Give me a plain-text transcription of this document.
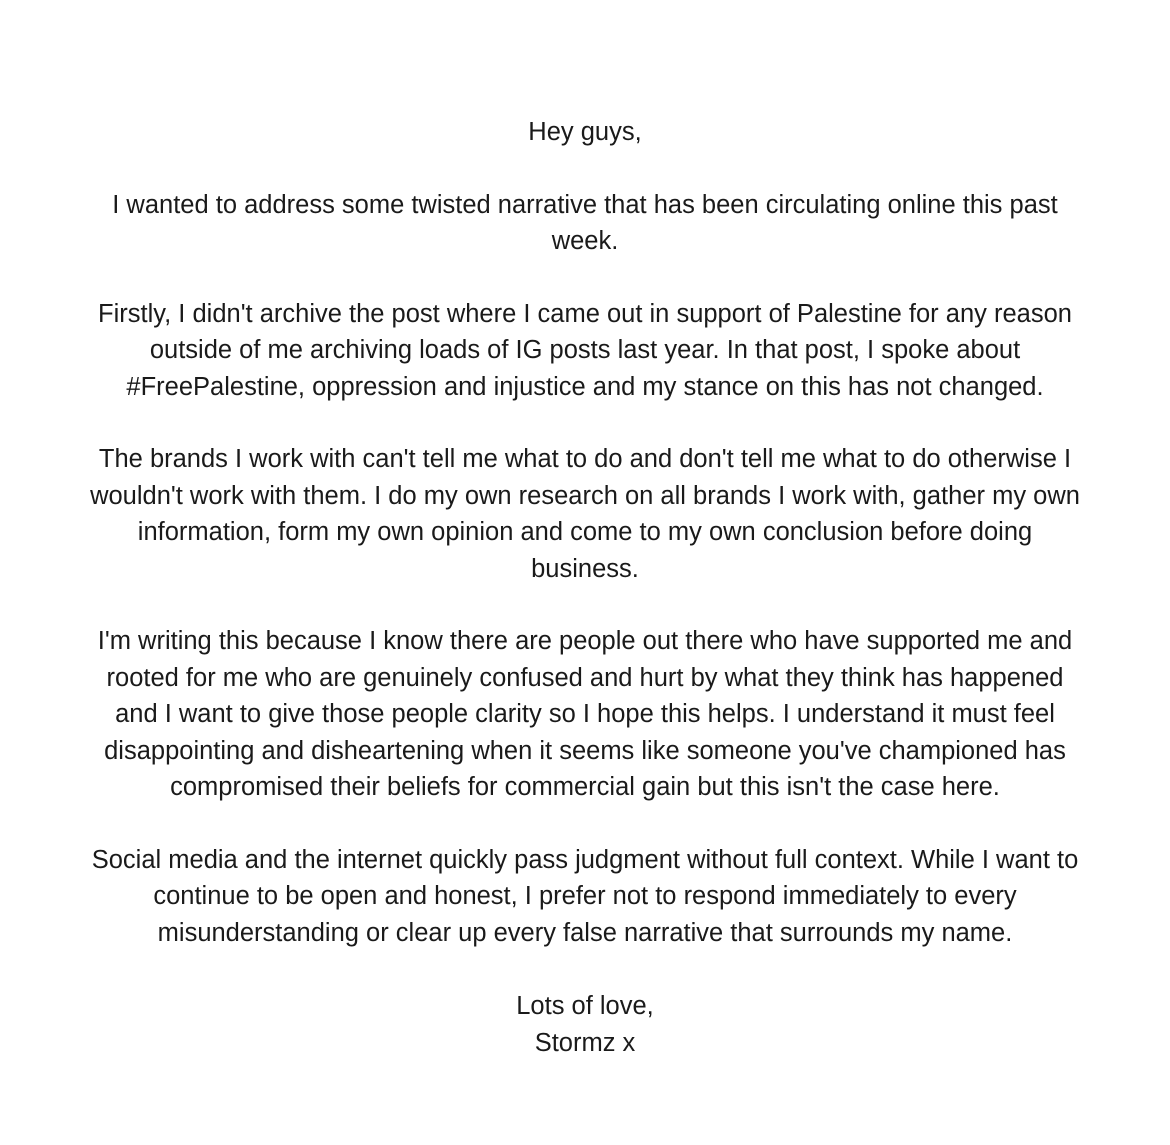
Hey guys,

I wanted to address some twisted narrative that has been circulating online this past
week.

Firstly, I didn't archive the post where I came out in support of Palestine for any reason
outside of me archiving loads of IG posts last year. In that post, I spoke about
#FreePalestine, oppression and injustice and my stance on this has not changed.

The brands I work with can't tell me what to do and don't tell me what to do otherwise I
wouldn't work with them. I do my own research on all brands I work with, gather my own
information, form my own opinion and come to my own conclusion before doing
business.

I'm writing this because I know there are people out there who have supported me and
rooted for me who are genuinely confused and hurt by what they think has happened
and I want to give those people clarity so I hope this helps. I understand it must feel
disappointing and disheartening when it seems like someone you've championed has
compromised their beliefs for commercial gain but this isn't the case here.

Social media and the internet quickly pass judgment without full context. While I want to
continue to be open and honest, I prefer not to respond immediately to every
misunderstanding or clear up every false narrative that surrounds my name.

Lots of love,

Stormz x
